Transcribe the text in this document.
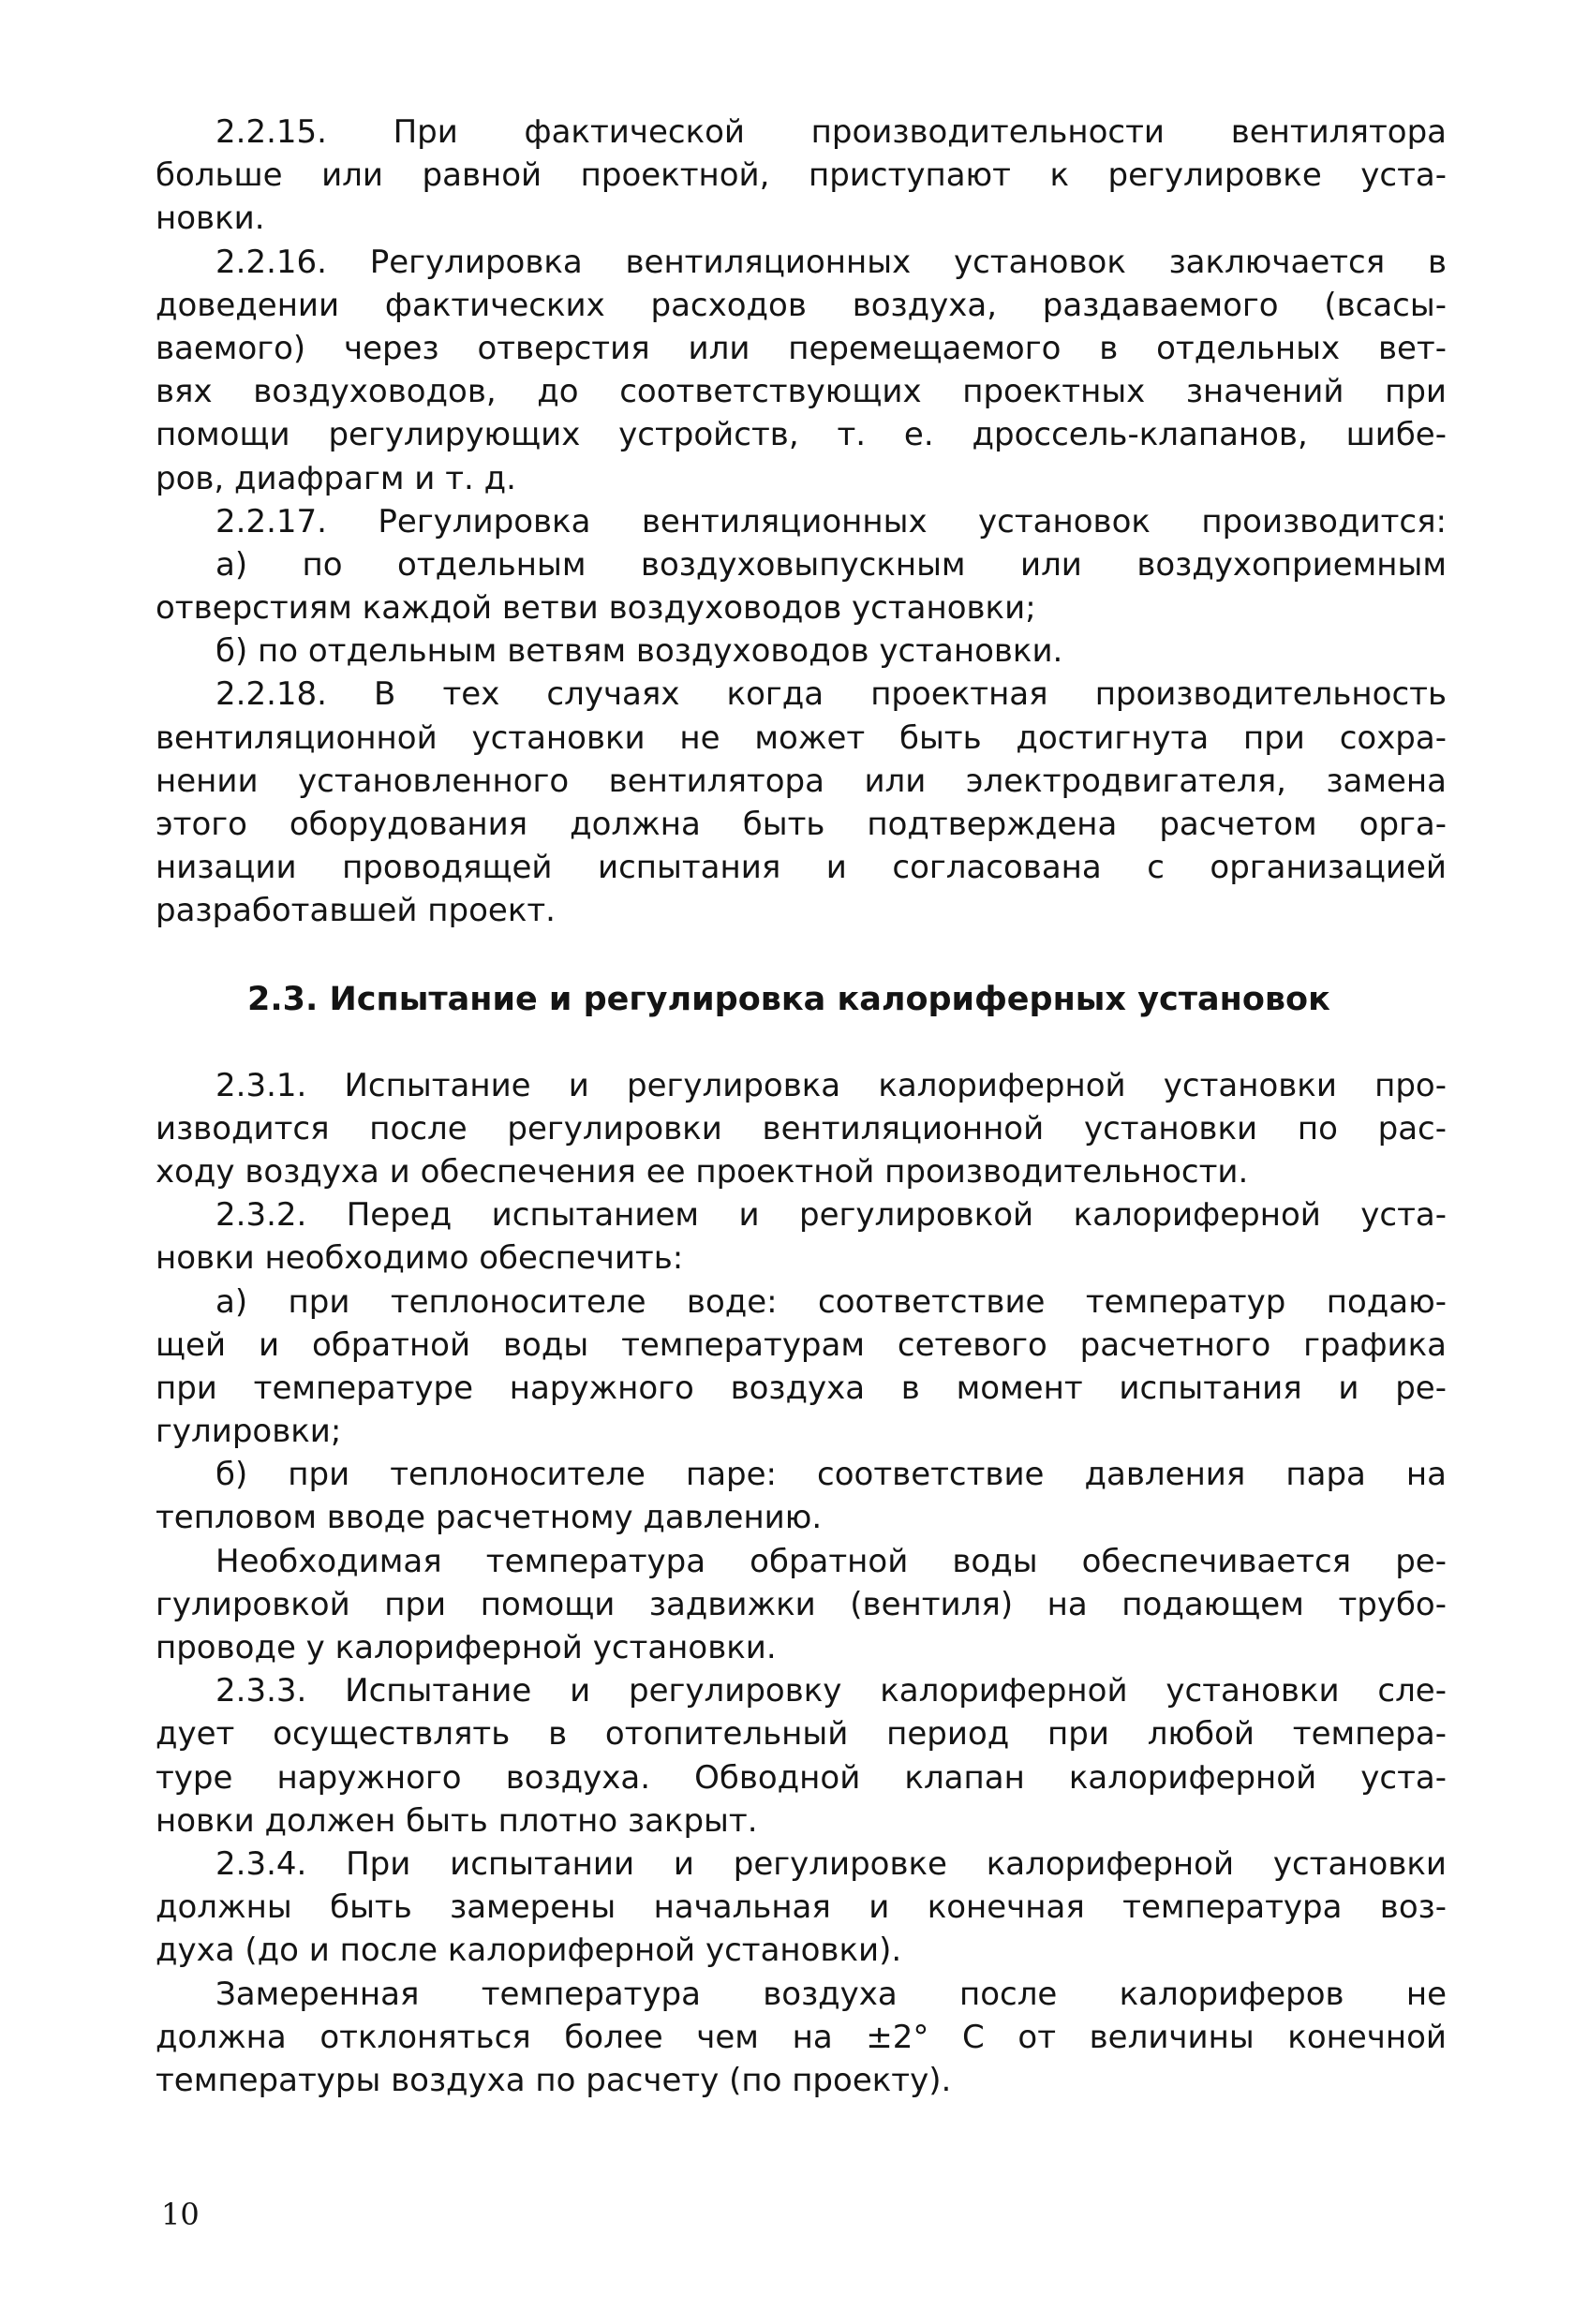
2.2.15. При фактической производительности вентилятора
больше или равной проектной, приступают к регулировке уста-
новки.
2.2.16. Регулировка вентиляционных установок заключается в
доведении фактических расходов воздуха, раздаваемого (всасы-
ваемого) через отверстия или перемещаемого в отдельных вет-
вях воздуховодов, до соответствующих проектных значений при
помощи регулирующих устройств, т. е. дроссель-клапанов, шибе-
ров, диафрагм и т. д.
2.2.17. Регулировка вентиляционных установок производится:
а) по отдельным воздуховыпускным или воздухоприемным
отверстиям каждой ветви воздуховодов установки;
б) по отдельным ветвям воздуховодов установки.
2.2.18. В тех случаях когда проектная производительность
вентиляционной установки не может быть достигнута при сохра-
нении установленного вентилятора или электродвигателя, замена
этого оборудования должна быть подтверждена расчетом орга-
низации проводящей испытания и согласована с организацией
разработавшей проект.
2.3. Испытание и регулировка калориферных установок
2.3.1. Испытание и регулировка калориферной установки про-
изводится после регулировки вентиляционной установки по рас-
ходу воздуха и обеспечения ее проектной производительности.
2.3.2. Перед испытанием и регулировкой калориферной уста-
новки необходимо обеспечить:
а) при теплоносителе воде: соответствие температур подаю-
щей и обратной воды температурам сетевого расчетного графика
при температуре наружного воздуха в момент испытания и ре-
гулировки;
б) при теплоносителе паре: соответствие давления пара на
тепловом вводе расчетному давлению.
Необходимая температура обратной воды обеспечивается ре-
гулировкой при помощи задвижки (вентиля) на подающем трубо-
проводе у калориферной установки.
2.3.3. Испытание и регулировку калориферной установки сле-
дует осуществлять в отопительный период при любой темпера-
туре наружного воздуха. Обводной клапан калориферной уста-
новки должен быть плотно закрыт.
2.3.4. При испытании и регулировке калориферной установки
должны быть замерены начальная и конечная температура воз-
духа (до и после калориферной установки).
Замеренная температура воздуха после калориферов не
должна отклоняться более чем на ±2° С от величины конечной
температуры воздуха по расчету (по проекту).
10
